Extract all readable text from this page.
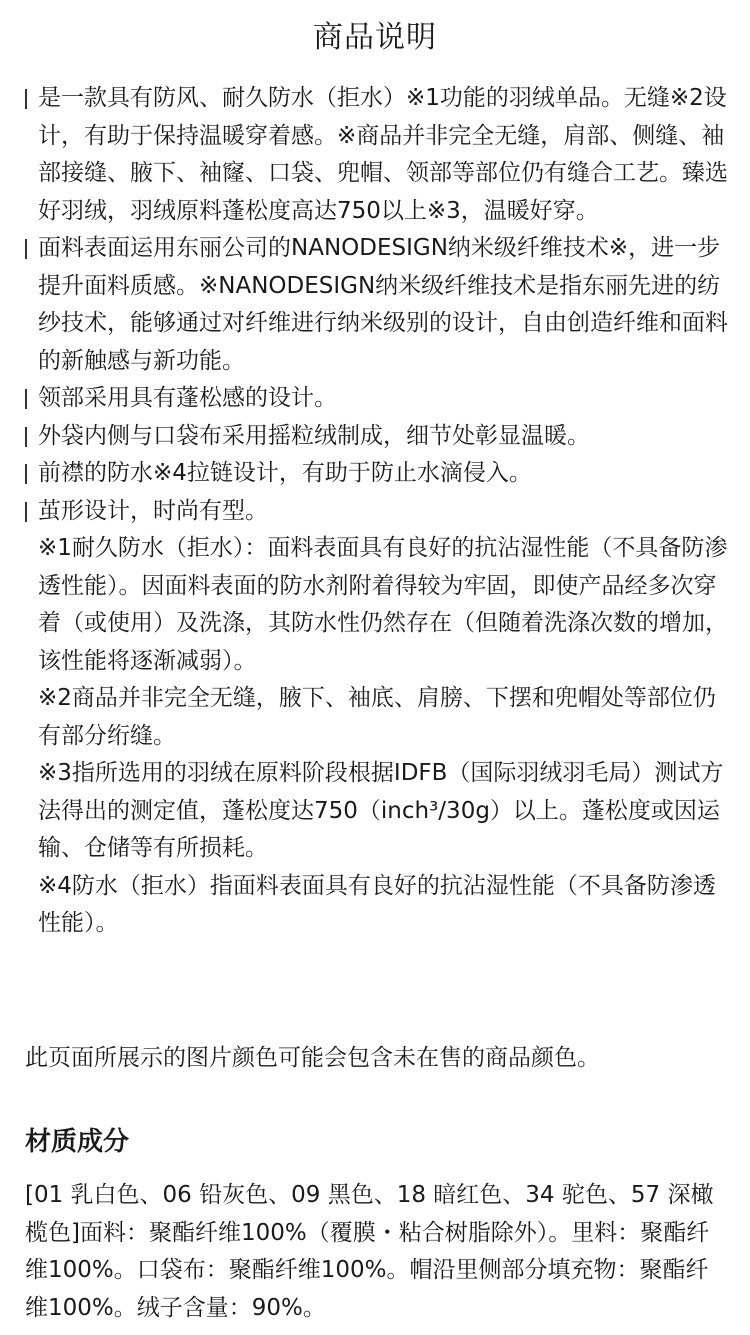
商品说明

是一款具有防风、耐久防水（拒水）※1功能的羽绒单品。无缝※2设计，有助于保持温暖穿着感。※商品并非完全无缝，肩部、侧缝、袖部接缝、腋下、袖窿、口袋、兜帽、领部等部位仍有缝合工艺。臻选好羽绒，羽绒原料蓬松度高达750以上※3，温暖好穿。

面料表面运用东丽公司的NANODESIGN纳米级纤维技术※，进一步提升面料质感。※NANODESIGN纳米级纤维技术是指东丽先进的纺纱技术，能够通过对纤维进行纳米级别的设计，自由创造纤维和面料的新触感与新功能。

领部采用具有蓬松感的设计。

外袋内侧与口袋布采用摇粒绒制成，细节处彰显温暖。

前襟的防水※4拉链设计，有助于防止水滴侵入。

茧形设计，时尚有型。

※1耐久防水（拒水）：面料表面具有良好的抗沾湿性能（不具备防渗透性能）。因面料表面的防水剂附着得较为牢固，即使产品经多次穿着（或使用）及洗涤，其防水性仍然存在（但随着洗涤次数的增加，该性能将逐渐减弱）。

※2商品并非完全无缝，腋下、袖底、肩膀、下摆和兜帽处等部位仍有部分绗缝。

※3指所选用的羽绒在原料阶段根据IDFB（国际羽绒羽毛局）测试方法得出的测定值，蓬松度达750（inch³/30g）以上。蓬松度或因运输、仓储等有所损耗。

※4防水（拒水）指面料表面具有良好的抗沾湿性能（不具备防渗透性能）。

此页面所展示的图片颜色可能会包含未在售的商品颜色。
材质成分
[01 乳白色、06 铅灰色、09 黑色、18 暗红色、34 驼色、57 深橄榄色]面料：聚酯纤维100%（覆膜・粘合树脂除外）。里料：聚酯纤维100%。口袋布：聚酯纤维100%。帽沿里侧部分填充物：聚酯纤维100%。绒子含量：90%。
